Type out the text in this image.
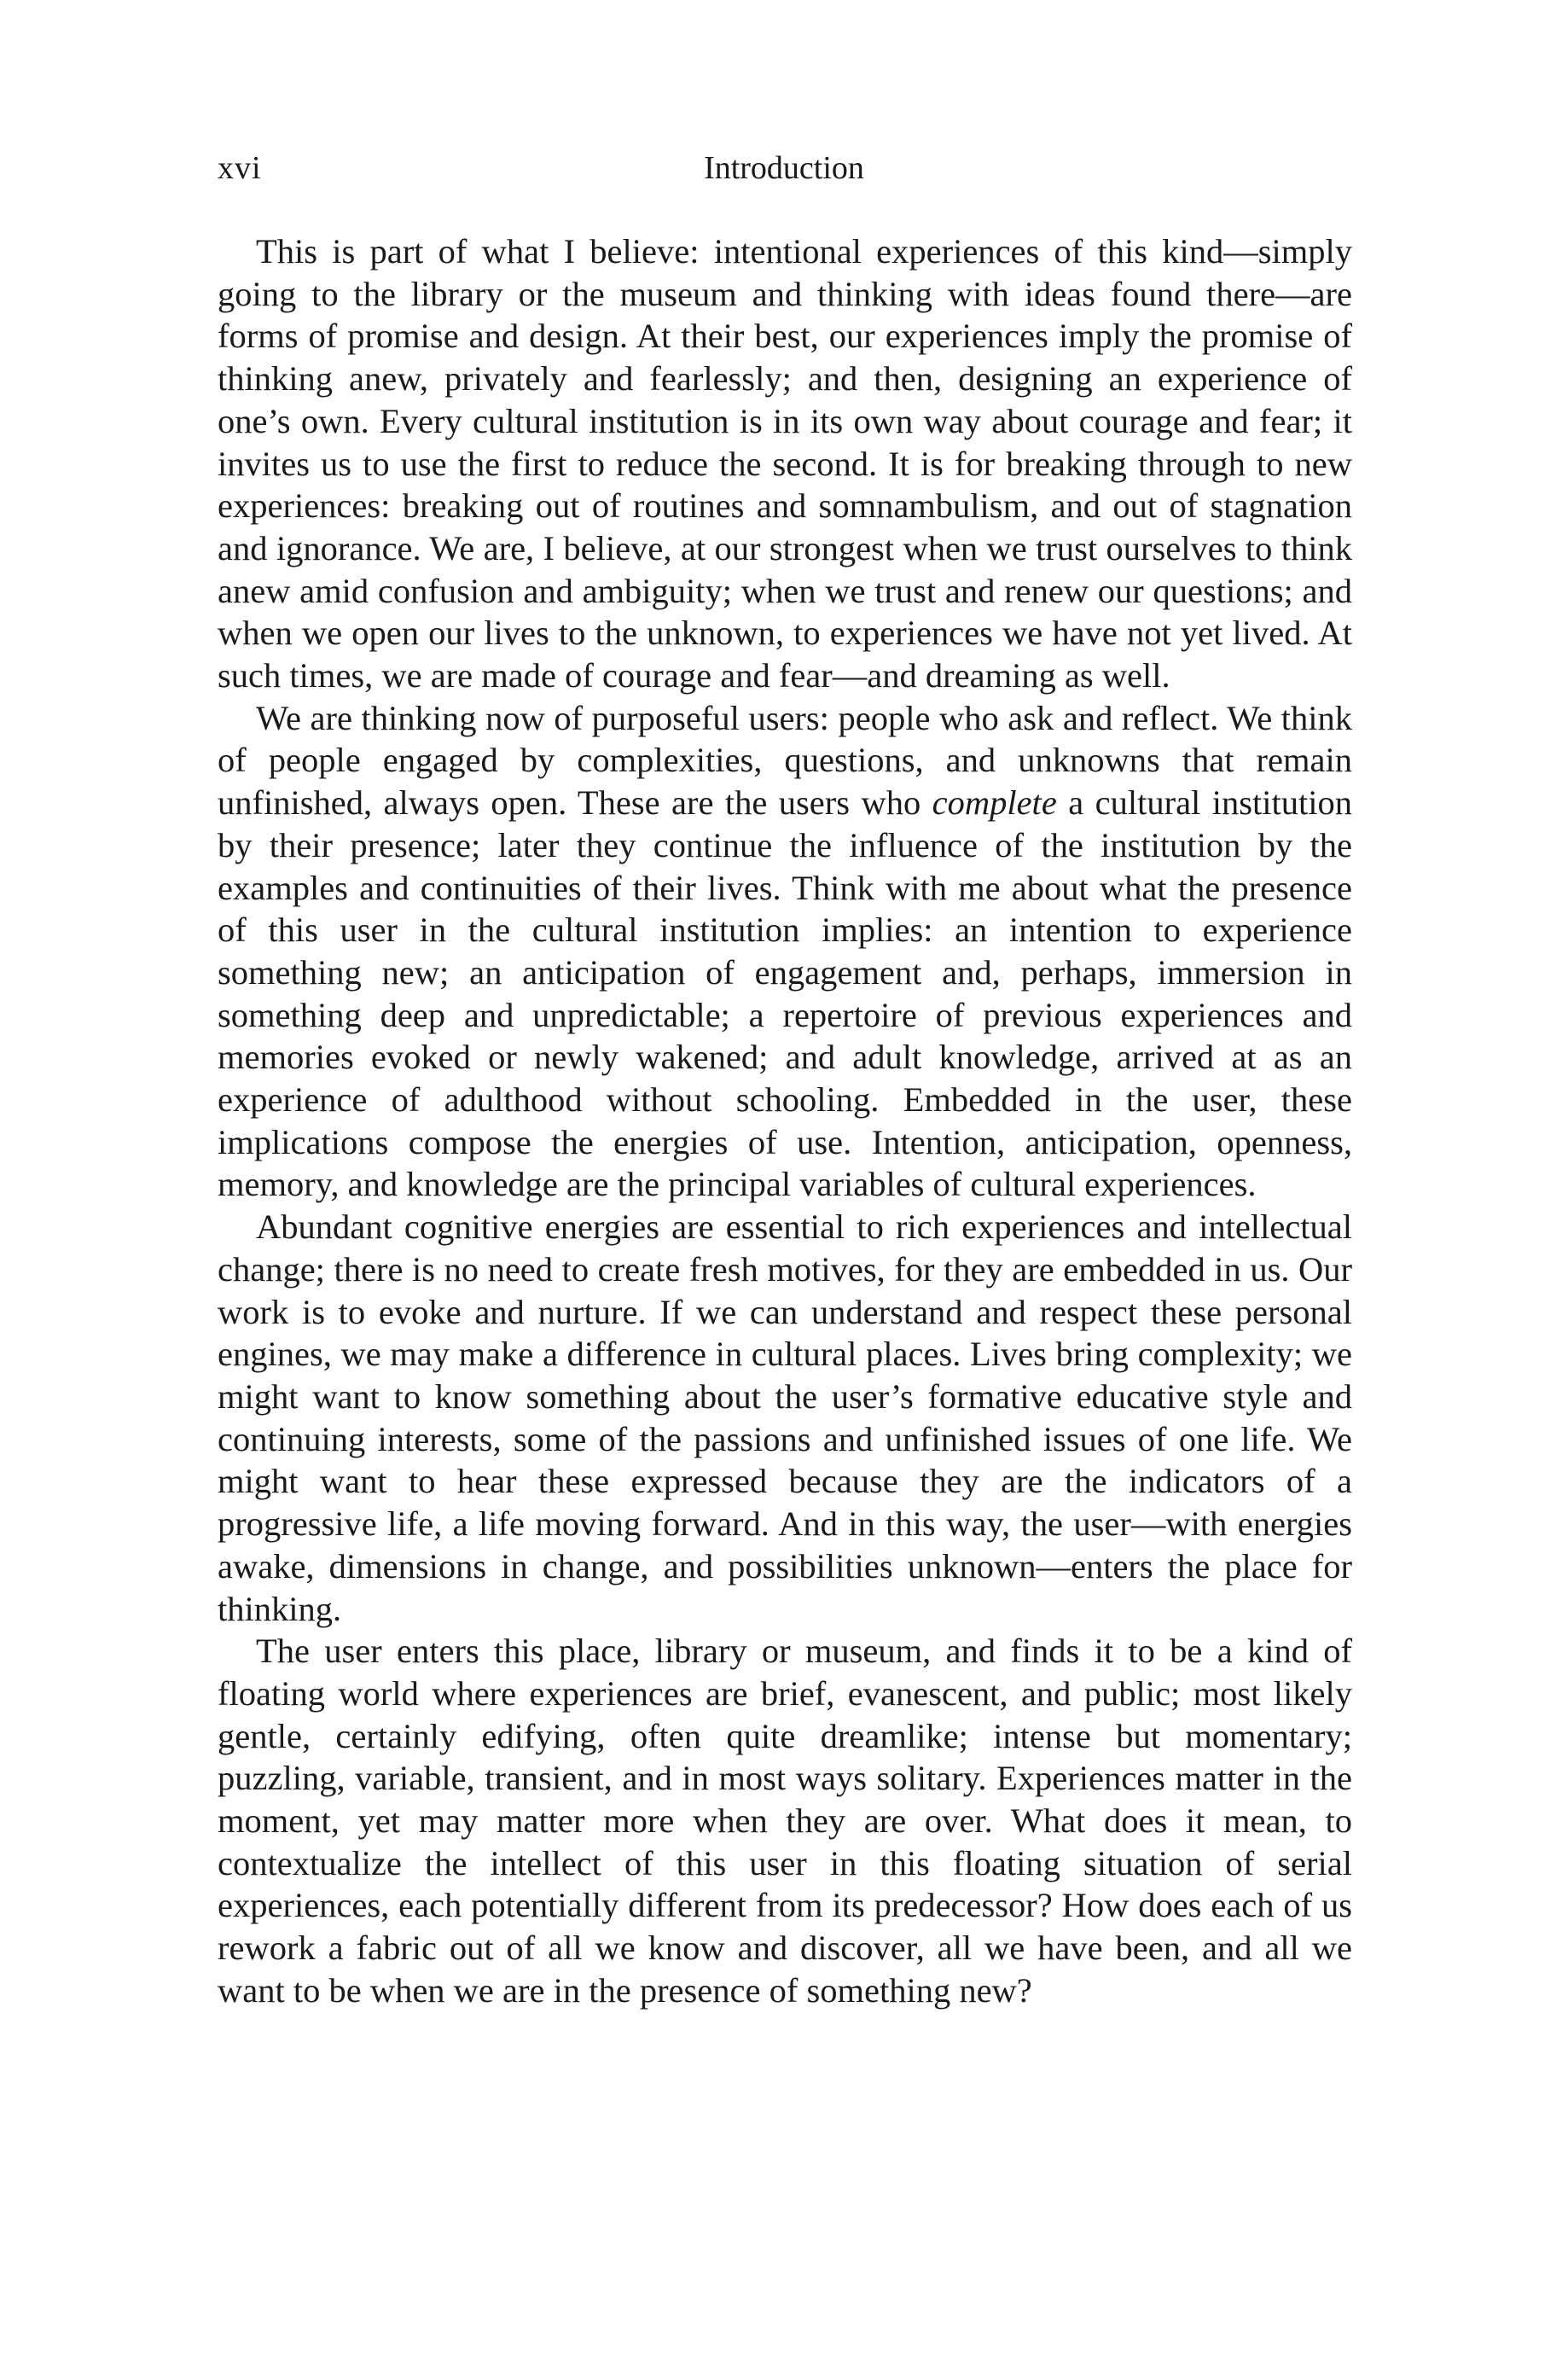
xvi	Introduction

This is part of what I believe: intentional experiences of this kind—simply going to the library or the museum and thinking with ideas found there—are forms of promise and design. At their best, our experiences imply the promise of thinking anew, privately and fearlessly; and then, designing an experience of one’s own. Every cultural institution is in its own way about courage and fear; it invites us to use the first to reduce the second. It is for breaking through to new experiences: breaking out of routines and somnambulism, and out of stagnation and ignorance. We are, I believe, at our strongest when we trust ourselves to think anew amid confusion and ambiguity; when we trust and renew our questions; and when we open our lives to the unknown, to experiences we have not yet lived. At such times, we are made of courage and fear—and dreaming as well.

We are thinking now of purposeful users: people who ask and reflect. We think of people engaged by complexities, questions, and unknowns that remain unfinished, always open. These are the users who complete a cultural institution by their presence; later they continue the influence of the institution by the examples and continuities of their lives. Think with me about what the presence of this user in the cultural institution implies: an intention to experience something new; an anticipation of engagement and, perhaps, immersion in something deep and unpredictable; a repertoire of previous experiences and memories evoked or newly wakened; and adult knowledge, arrived at as an experience of adulthood without schooling. Embedded in the user, these implications compose the energies of use. Intention, anticipation, openness, memory, and knowledge are the principal variables of cultural experiences.

Abundant cognitive energies are essential to rich experiences and intellectual change; there is no need to create fresh motives, for they are embedded in us. Our work is to evoke and nurture. If we can understand and respect these personal engines, we may make a difference in cultural places. Lives bring complexity; we might want to know something about the user’s formative educative style and continuing interests, some of the passions and unfinished issues of one life. We might want to hear these expressed because they are the indicators of a progressive life, a life moving forward. And in this way, the user—with energies awake, dimensions in change, and possibilities unknown—enters the place for thinking.

The user enters this place, library or museum, and finds it to be a kind of floating world where experiences are brief, evanescent, and public; most likely gentle, certainly edifying, often quite dreamlike; intense but momentary; puzzling, variable, transient, and in most ways solitary. Experiences matter in the moment, yet may matter more when they are over. What does it mean, to contextualize the intellect of this user in this floating situation of serial experiences, each potentially different from its predecessor? How does each of us rework a fabric out of all we know and discover, all we have been, and all we want to be when we are in the presence of something new?
